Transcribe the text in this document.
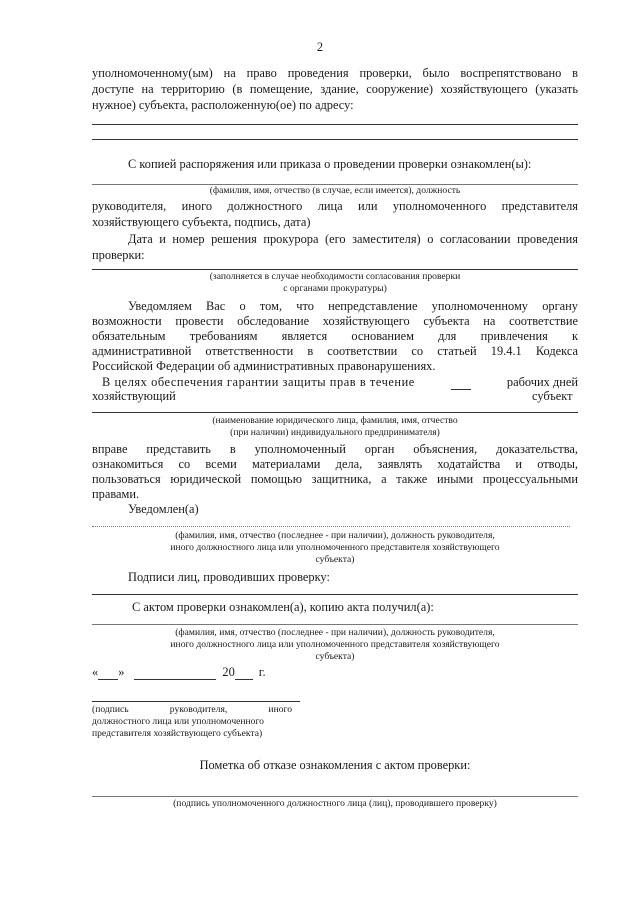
2
уполномоченному(ым) на право проведения проверки, было воспрепятствовано в
доступе на территорию (в помещение, здание, сооружение) хозяйствующего (указать
нужное) субъекта, расположенную(ое) по адресу:
С копией распоряжения или приказа о проведении проверки ознакомлен(ы):
(фамилия, имя, отчество (в случае, если имеется), должность
руководителя, иного должностного лица или уполномоченного представителя
хозяйствующего субъекта, подпись, дата)
Дата и номер решения прокурора (его заместителя) о согласовании проведения
проверки:
(заполняется в случае необходимости согласования проверки
с органами прокуратуры)
Уведомляем Вас о том, что непредставление уполномоченному органу
возможности провести обследование хозяйствующего субъекта на соответствие
обязательным требованиям является основанием для привлечения к
административной ответственности в соответствии со статьей 19.4.1 Кодекса
Российской Федерации об административных правонарушениях.
В целях обеспечения гарантии защиты прав в течение	рабочих дней
хозяйствующий	субъект
(наименование юридического лица, фамилия, имя, отчество
(при наличии) индивидуального предпринимателя)
вправе представить в уполномоченный орган объяснения, доказательства,
ознакомиться со всеми материалами дела, заявлять ходатайства и отводы,
пользоваться юридической помощью защитника, а также иными процессуальными
правами.
Уведомлен(а)
(фамилия, имя, отчество (последнее - при наличии), должность руководителя,
иного должностного лица или уполномоченного представителя хозяйствующего
субъекта)
Подписи лиц, проводивших проверку:
С актом проверки ознакомлен(а), копию акта получил(а):
(фамилия, имя, отчество (последнее - при наличии), должность руководителя,
иного должностного лица или уполномоченного представителя хозяйствующего
субъекта)
« »	20 г.
(подпись руководителя, иного
должностного лица или уполномоченного
представителя хозяйствующего субъекта)
Пометка об отказе ознакомления с актом проверки:
(подпись уполномоченного должностного лица (лиц), проводившего проверку)
